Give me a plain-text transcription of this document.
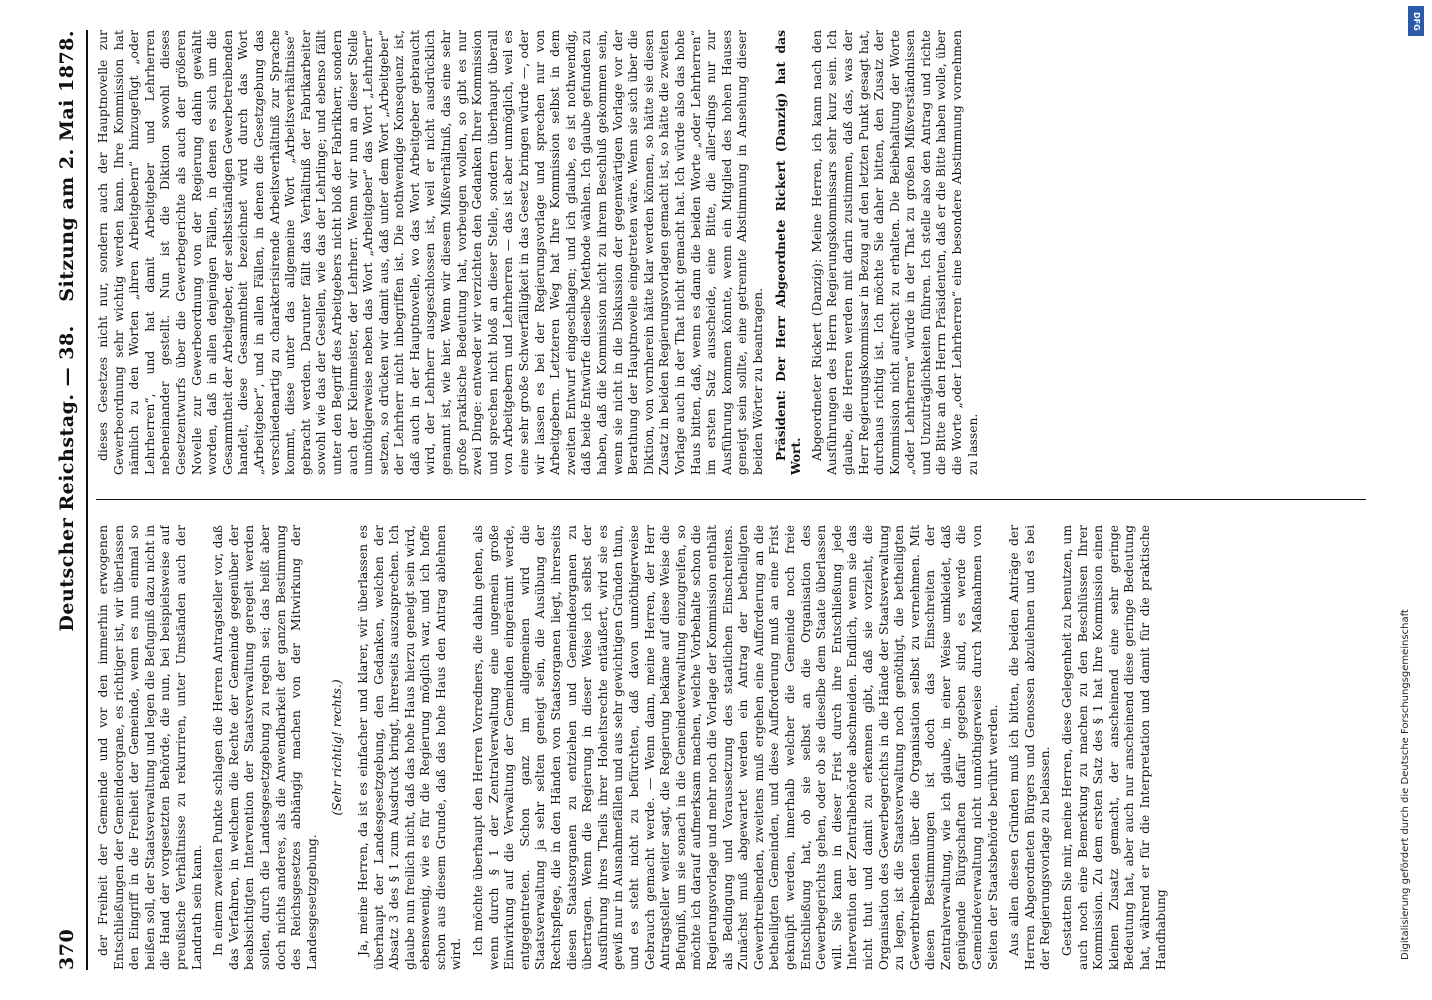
370
Deutscher Reichstag. — 38.
Sitzung am 2. Mai 1878.

der Freiheit der Gemeinde und vor den immerhin erwogenen Entschließungen der Gemeindeorgane, es richtiger ist, wir überlassen den Eingriff in die Freiheit der Gemeinde, wenn es nun einmal so heißen soll, der Staatsverwaltung und legen die Befugniß dazu nicht in die Hand der vorgesetzten Behörde, die nun, bei beispielsweise auf preußische Verhältnisse zu rekurriren, unter Umständen auch der Landrath sein kann. In einem zweiten Punkte schlagen die Herren Antragsteller vor, daß das Verfahren, in welchem die Rechte der Gemeinde gegenüber der beabsichtigten Intervention der Staatsverwaltung geregelt werden sollen, durch die Landesgesetzgebung zu regeln sei; das heißt aber doch nichts anderes, als die Anwendbarkeit der ganzen Bestimmung des Reichsgesetzes abhängig machen von der Mitwirkung der Landesgesetzgebung.

(Sehr richtig! rechts.) Ja, meine Herren, da ist es einfacher und klarer, wir überlassen es überhaupt der Landesgesetzgebung, den Gedanken, welchen der Absatz 3 des § 1 zum Ausdruck bringt, ihrerseits auszusprechen. Ich glaube nun freilich nicht, daß das hohe Haus hierzu geneigt sein wird, ebensowenig, wie es für die Regierung möglich war, und ich hoffe schon aus diesem Grunde, daß das hohe Haus den Antrag ablehnen wird. Ich möchte überhaupt den Herren Vorredners, die dahin gehen, als wenn durch § 1 der Zentralverwaltung eine ungemein große Einwirkung auf die Verwaltung der Gemeinden eingeräumt werde, entgegentreten. Schon ganz im allgemeinen wird die Staatsverwaltung ja sehr selten geneigt sein, die Ausübung der Rechtspflege, die in den Händen von Staatsorganen liegt, ihrerseits diesen Staatsorganen zu entziehen und Gemeindeorganen zu übertragen. Wenn die Regierung in dieser Weise ich selbst der Ausführung ihres Theils ihrer Hoheitsrechte entäußert, wird sie es gewiß nur in Ausnahmefällen und aus sehr gewichtigen Gründen thun, und es steht nicht zu befürchten, daß davon unnöthigerweise Gebrauch gemacht werde. — Wenn dann, meine Herren, der Herr Antragsteller weiter sagt, die Regierung bekäme auf diese Weise die Befugniß, um sie sonach in die Gemeindeverwaltung einzugreifen, so möchte ich darauf aufmerksam machen, welche Vorbehalte schon die Regierungsvorlage und mehr noch die Vorlage der Kommission enthält als Bedingung und Voraussetzung des staatlichen Einschreitens. Zunächst muß abgewartet werden ein Antrag der betheiligten Gewerbtreibenden, zweitens muß ergehen eine Aufforderung an die betheiligten Gemeinden, und diese Aufforderung muß an eine Frist geknüpft werden, innerhalb welcher die Gemeinde noch freie Entschließung hat, ob sie selbst an die Organisation des Gewerbegerichts gehen, oder ob sie dieselbe dem Staate überlassen will. Sie kann in dieser Frist durch ihre Entschließung jede Intervention der Zentralbehörde abschneiden. Endlich, wenn sie das nicht thut und damit zu erkennen gibt, daß sie vorzieht, die Organisation des Gewerbegerichts in die Hände der Staatsverwaltung zu legen, ist die Staatsverwaltung noch genöthigt, die betheiligten Gewerbtreibenden über die Organisation selbst zu vernehmen. Mit diesen Bestimmungen ist doch das Einschreiten der Zentralverwaltung, wie ich glaube, in einer Weise umkleidet, daß genügende Bürgschaften dafür gegeben sind, es werde die Gemeindeverwaltung nicht unnöthigerweise durch Maßnahmen von Seiten der Staatsbehörde berührt werden. Aus allen diesen Gründen muß ich bitten, die beiden Anträge der Herren Abgeordneten Bürgers und Genossen abzulehnen und es bei der Regierungsvorlage zu belassen. Gestatten Sie mir, meine Herren, diese Gelegenheit zu benutzen, um auch noch eine Bemerkung zu machen zu den Beschlüssen Ihrer Kommission. Zu dem ersten Satz des § 1 hat Ihre Kommission einen kleinen Zusatz gemacht, der anscheinend eine sehr geringe Bedeutung hat, aber auch nur anscheinend diese geringe Bedeutung hat, während er für die Interpretation und damit für die praktische Handhabung

dieses Gesetzes nicht nur, sondern auch der Hauptnovelle zur Gewerbeordnung sehr wichtig werden kann. Ihre Kommission hat nämlich zu den Worten „ihren Arbeitgebern“ hinzugefügt „oder Lehrherren“, und hat damit Arbeitgeber und Lehrherren nebeneinander gestellt. Nun ist die Diktion sowohl dieses Gesetzentwurfs über die Gewerbegerichte als auch der größeren Novelle zur Gewerbeordnung von der Regierung dahin gewählt worden, daß in allen denjenigen Fällen, in denen es sich um die Gesammtheit der Arbeitgeber, der selbstständigen Gewerbetreibenden handelt, diese Gesammtheit bezeichnet wird durch das Wort „Arbeitgeber“, und in allen Fällen, in denen die Gesetzgebung das verschiedenartig zu charakterisirende Arbeitsverhältniß zur Sprache kommt, diese unter das allgemeine Wort „Arbeitsverhältnisse“ gebracht werden. Darunter fällt das Verhältniß der Fabrikarbeiter sowohl wie das der Gesellen, wie das der Lehrlinge; und ebenso fällt unter den Begriff des Arbeitgebers nicht bloß der Fabrikherr, sondern auch der Kleinmeister, der Lehrherr. Wenn wir nun an dieser Stelle unnöthigerweise neben das Wort „Arbeitgeber“ das Wort „Lehrherr“ setzen, so drücken wir damit aus, daß unter dem Wort „Arbeitgeber“ der Lehrherr nicht inbegriffen ist. Die nothwendige Konsequenz ist, daß auch in der Hauptnovelle, wo das Wort Arbeitgeber gebraucht wird, der Lehrherr ausgeschlossen ist, weil er nicht ausdrücklich genannt ist, wie hier. Wenn wir diesem Mißverhältniß, das eine sehr große praktische Bedeutung hat, vorbeugen wollen, so gibt es nur zwei Dinge: entweder wir verzichten den Gedanken Ihrer Kommission und sprechen nicht bloß an dieser Stelle, sondern überhaupt überall von Arbeitgebern und Lehrherren — das ist aber unmöglich, weil es eine sehr große Schwerfälligkeit in das Gesetz bringen würde —, oder wir lassen es bei der Regierungsvorlage und sprechen nur von Arbeitgebern. Letzteren Weg hat Ihre Kommission selbst in dem zweiten Entwurf eingeschlagen; und ich glaube, es ist nothwendig, daß beide Entwürfe dieselbe Methode wählen. Ich glaube gefunden zu haben, daß die Kommission nicht zu ihrem Beschluß gekommen sein, wenn sie nicht in die Diskussion der gegenwärtigen Vorlage vor der Berathung der Hauptnovelle eingetreten wäre. Wenn sie sich über die Diktion, von vornherein hätte klar werden können, so hätte sie diesen Zusatz in beiden Regierungsvorlagen gemacht ist, so hätte die zweiten Vorlage auch in der That nicht gemacht hat. Ich würde also das hohe Haus bitten, daß, wenn es dann die beiden Worte „oder Lehrherren“ im ersten Satz ausscheide, eine Bitte, die aller-dings nur zur Ausführung kommen könnte, wenn ein Mitglied des hohen Hauses geneigt sein sollte, eine getrennte Abstimmung in Ansehung dieser beiden Wörter zu beantragen. Präsident: Der Herr Abgeordnete Rickert (Danzig) hat das Wort. Abgeordneter Rickert (Danzig): Meine Herren, ich kann nach den Ausführungen des Herrn Regierungskommissars sehr kurz sein. Ich glaube, die Herren werden mit darin zustimmen, daß das, was der Herr Regierungskommissar in Bezug auf den letzten Punkt gesagt hat, durchaus richtig ist. Ich möchte Sie daher bitten, den Zusatz der Kommission nicht aufrecht zu erhalten. Die Beibehaltung der Worte „oder Lehrherren“ würde in der That zu großen Mißverständnissen und Unzuträglichkeiten führen. Ich stelle also den Antrag und richte die Bitte an den Herrn Präsidenten, daß er die Bitte haben wolle, über die Worte „oder Lehrherren“ eine besondere Abstimmung vornehmen zu lassen.

DFG
Digitalisierung gefördert durch die Deutsche Forschungsgemeinschaft
